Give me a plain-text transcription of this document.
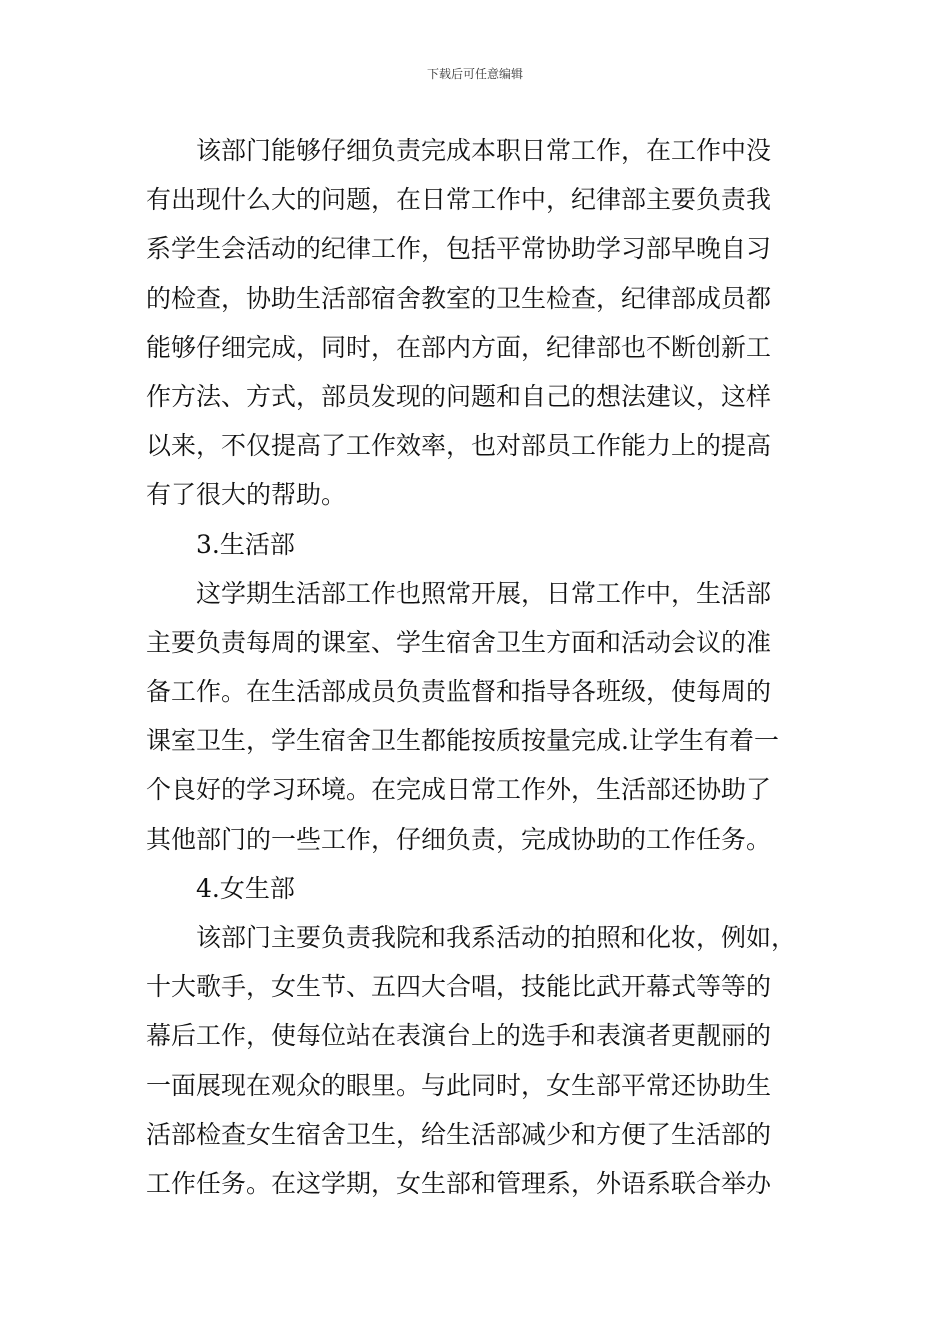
下载后可任意编辑
该部门能够仔细负责完成本职日常工作，在工作中没
有出现什么大的问题，在日常工作中，纪律部主要负责我
系学生会活动的纪律工作，包括平常协助学习部早晚自习
的检查，协助生活部宿舍教室的卫生检查，纪律部成员都
能够仔细完成，同时，在部内方面，纪律部也不断创新工
作方法、方式，部员发现的问题和自己的想法建议，这样
以来，不仅提高了工作效率，也对部员工作能力上的提高
有了很大的帮助。
3.生活部
这学期生活部工作也照常开展，日常工作中，生活部
主要负责每周的课室、学生宿舍卫生方面和活动会议的准
备工作。在生活部成员负责监督和指导各班级，使每周的
课室卫生，学生宿舍卫生都能按质按量完成.让学生有着一
个良好的学习环境。在完成日常工作外，生活部还协助了
其他部门的一些工作，仔细负责，完成协助的工作任务。
4.女生部
该部门主要负责我院和我系活动的拍照和化妆，例如，
十大歌手，女生节、五四大合唱，技能比武开幕式等等的
幕后工作，使每位站在表演台上的选手和表演者更靓丽的
一面展现在观众的眼里。与此同时，女生部平常还协助生
活部检查女生宿舍卫生，给生活部减少和方便了生活部的
工作任务。在这学期，女生部和管理系，外语系联合举办
